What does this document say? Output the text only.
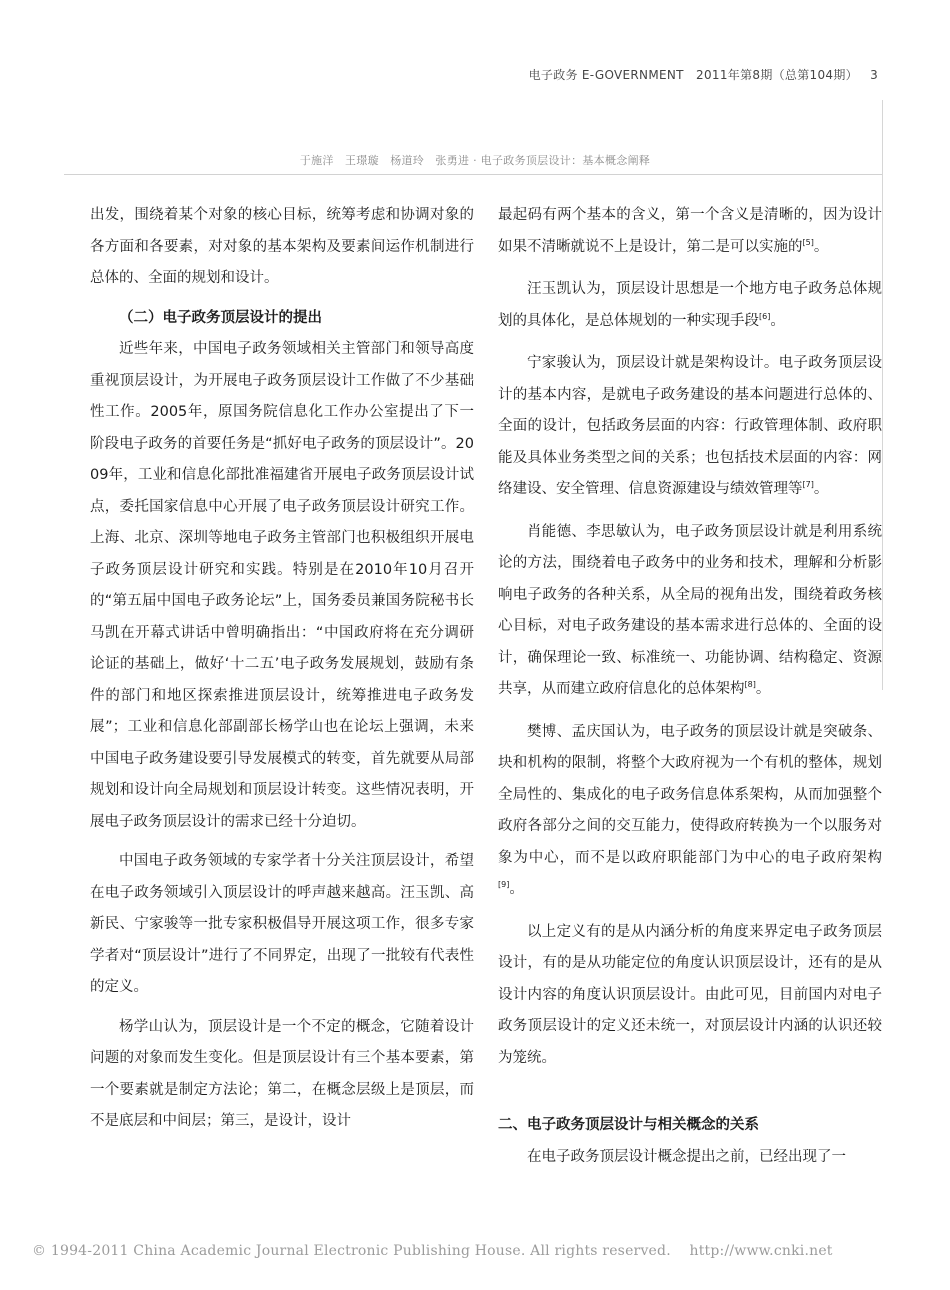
电子政务 E-GOVERNMENT　2011年第8期（总第104期） 3
于施洋　王璟璇　杨道玲　张勇进 · 电子政务顶层设计：基本概念阐释

出发，围绕着某个对象的核心目标，统筹考虑和协调对象的各方面和各要素，对对象的基本架构及要素间运作机制进行总体的、全面的规划和设计。

（二）电子政务顶层设计的提出

近些年来，中国电子政务领域相关主管部门和领导高度重视顶层设计，为开展电子政务顶层设计工作做了不少基础性工作。2005年，原国务院信息化工作办公室提出了下一阶段电子政务的首要任务是“抓好电子政务的顶层设计”。2009年，工业和信息化部批准福建省开展电子政务顶层设计试点，委托国家信息中心开展了电子政务顶层设计研究工作。上海、北京、深圳等地电子政务主管部门也积极组织开展电子政务顶层设计研究和实践。特别是在2010年10月召开的“第五届中国电子政务论坛”上，国务委员兼国务院秘书长马凯在开幕式讲话中曾明确指出：“中国政府将在充分调研论证的基础上，做好‘十二五’电子政务发展规划，鼓励有条件的部门和地区探索推进顶层设计，统筹推进电子政务发展”；工业和信息化部副部长杨学山也在论坛上强调，未来中国电子政务建设要引导发展模式的转变，首先就要从局部规划和设计向全局规划和顶层设计转变。这些情况表明，开展电子政务顶层设计的需求已经十分迫切。

中国电子政务领域的专家学者十分关注顶层设计，希望在电子政务领域引入顶层设计的呼声越来越高。汪玉凯、高新民、宁家骏等一批专家积极倡导开展这项工作，很多专家学者对“顶层设计”进行了不同界定，出现了一批较有代表性的定义。

杨学山认为，顶层设计是一个不定的概念，它随着设计问题的对象而发生变化。但是顶层设计有三个基本要素，第一个要素就是制定方法论；第二，在概念层级上是顶层，而不是底层和中间层；第三，是设计，设计

最起码有两个基本的含义，第一个含义是清晰的，因为设计如果不清晰就说不上是设计，第二是可以实施的[5]。

汪玉凯认为，顶层设计思想是一个地方电子政务总体规划的具体化，是总体规划的一种实现手段[6]。

宁家骏认为，顶层设计就是架构设计。电子政务顶层设计的基本内容，是就电子政务建设的基本问题进行总体的、全面的设计，包括政务层面的内容：行政管理体制、政府职能及具体业务类型之间的关系；也包括技术层面的内容：网络建设、安全管理、信息资源建设与绩效管理等[7]。

肖能德、李思敏认为，电子政务顶层设计就是利用系统论的方法，围绕着电子政务中的业务和技术，理解和分析影响电子政务的各种关系，从全局的视角出发，围绕着政务核心目标，对电子政务建设的基本需求进行总体的、全面的设计，确保理论一致、标准统一、功能协调、结构稳定、资源共享，从而建立政府信息化的总体架构[8]。

樊博、孟庆国认为，电子政务的顶层设计就是突破条、块和机构的限制，将整个大政府视为一个有机的整体，规划全局性的、集成化的电子政务信息体系架构，从而加强整个政府各部分之间的交互能力，使得政府转换为一个以服务对象为中心，而不是以政府职能部门为中心的电子政府架构[9]。

以上定义有的是从内涵分析的角度来界定电子政务顶层设计，有的是从功能定位的角度认识顶层设计，还有的是从设计内容的角度认识顶层设计。由此可见，目前国内对电子政务顶层设计的定义还未统一，对顶层设计内涵的认识还较为笼统。

二、电子政务顶层设计与相关概念的关系

在电子政务顶层设计概念提出之前，已经出现了一

© 1994-2011 China Academic Journal Electronic Publishing House. All rights reserved. http://www.cnki.net
